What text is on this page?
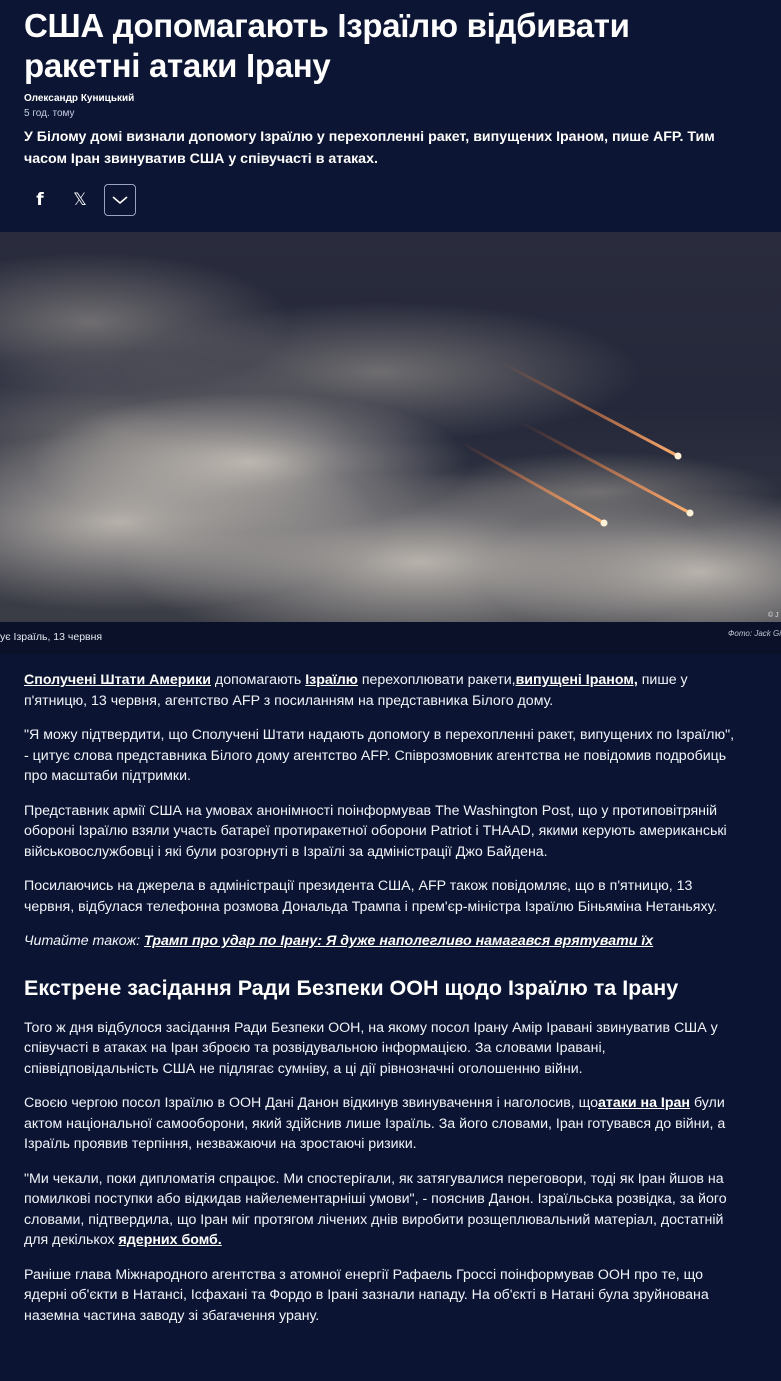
США допомагають Ізраїлю відбивати ракетні атаки Ірану
Олександр Куницький
5 год. тому
У Білому домі визнали допомогу Ізраїлю у перехопленні ракет, випущених Іраном, пише AFP. Тим часом Іран звинуватив США у співучасті в атаках.
f 𝕏
© J
ує Ізраїль, 13 червня	Фото: Jack Gi

Сполучені Штати Америки допомагають Ізраїлю перехоплювати ракети,випущені Іраном, пише у п'ятницю, 13 червня, агентство AFP з посиланням на представника Білого дому.

"Я можу підтвердити, що Сполучені Штати надають допомогу в перехопленні ракет, випущених по Ізраїлю", - цитує слова представника Білого дому агентство AFP. Співрозмовник агентства не повідомив подробиць про масштаби підтримки.

Представник армії США на умовах анонімності поінформував The Washington Post, що у протиповітряній обороні Ізраїлю взяли участь батареї протиракетної оборони Patriot і THAAD, якими керують американські військовослужбовці і які були розгорнуті в Ізраїлі за адміністрації Джо Байдена.

Посилаючись на джерела в адміністрації президента США, AFP також повідомляє, що в п'ятницю, 13 червня, відбулася телефонна розмова Дональда Трампа і прем'єр-міністра Ізраїлю Біньяміна Нетаньяху.

Читайте також: Трамп про удар по Ірану: Я дуже наполегливо намагався врятувати їх

Екстрене засідання Ради Безпеки ООН щодо Ізраїлю та Ірану

Того ж дня відбулося засідання Ради Безпеки ООН, на якому посол Ірану Амір Іравані звинуватив США у співучасті в атаках на Іран зброєю та розвідувальною інформацією. За словами Іравані, співвідповідальність США не підлягає сумніву, а ці дії рівнозначні оголошенню війни.

Своєю чергою посол Ізраїлю в ООН Дані Данон відкинув звинувачення і наголосив, щоатаки на Іран були актом національної самооборони, який здійснив лише Ізраїль. За його словами, Іран готувався до війни, а Ізраїль проявив терпіння, незважаючи на зростаючі ризики.

"Ми чекали, поки дипломатія спрацює. Ми спостерігали, як затягувалися переговори, тоді як Іран йшов на помилкові поступки або відкидав найелементарніші умови", - пояснив Данон. Ізраїльська розвідка, за його словами, підтвердила, що Іран міг протягом лічених днів виробити розщеплювальний матеріал, достатній для декількох ядерних бомб.

Раніше глава Міжнародного агентства з атомної енергії Рафаель Гроссі поінформував ООН про те, що ядерні об'єкти в Натансі, Ісфахані та Фордо в Ірані зазнали нападу. На об'єкті в Натані була зруйнована наземна частина заводу зі збагачення урану.
